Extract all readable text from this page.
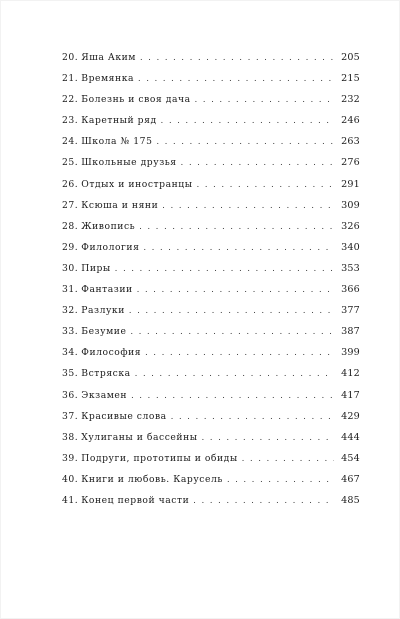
20. Яша Аким . . .	205
21. Времянка . . .	215
22. Болезнь и своя дача . . .	232
23. Каретный ряд . . .	246
24. Школа № 175 . . .	263
25. Школьные друзья . . .	276
26. Отдых и иностранцы . . .	291
27. Ксюша и няни . . .	309
28. Живопись . . .	326
29. Филология . . .	340
30. Пиры . . .	353
31. Фантазии . . .	366
32. Разлуки . . .	377
33. Безумие . . .	387
34. Философия . . .	399
35. Встряска . . .	412
36. Экзамен . . .	417
37. Красивые слова . . .	429
38. Хулиганы и бассейны . . .	444
39. Подруги, прототипы и обиды . . .	454
40. Книги и любовь. Карусель . . .	467
41. Конец первой части . . .	485
